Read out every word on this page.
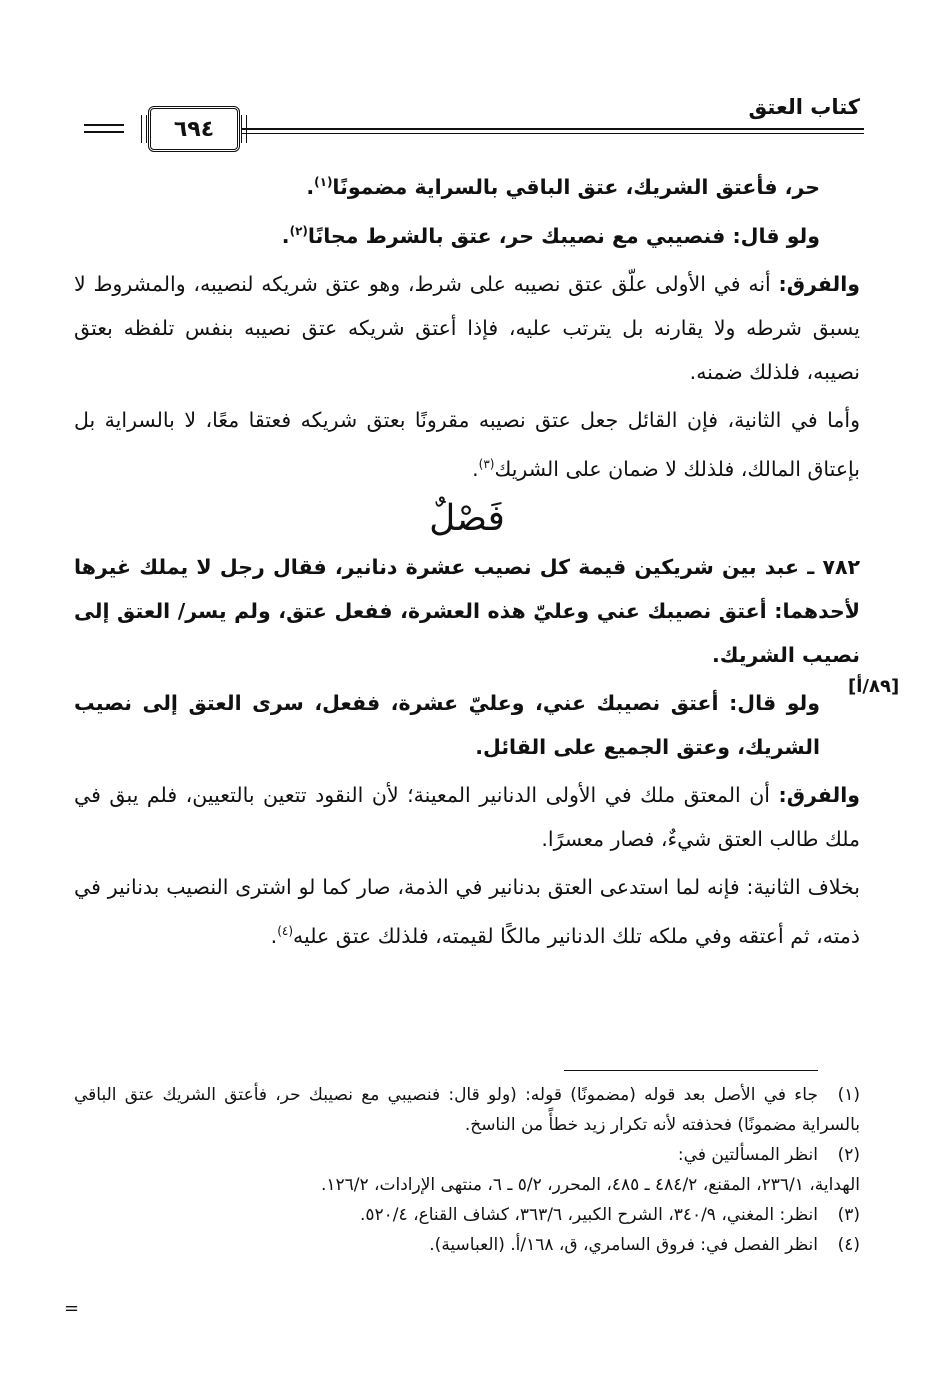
كتاب العتق
٦٩٤

حر، فأعتق الشريك، عتق الباقي بالسراية مضمونًا$^{(١)}$.

ولو قال: فنصيبي مع نصيبك حر، عتق بالشرط مجانًا$^{(٢)}$.

والفرق: أنه في الأولى علّق عتق نصيبه على شرط، وهو عتق شريكه لنصيبه، والمشروط لا يسبق شرطه ولا يقارنه بل يترتب عليه، فإذا أعتق شريكه عتق نصيبه بنفس تلفظه بعتق نصيبه، فلذلك ضمنه.

وأما في الثانية، فإن القائل جعل عتق نصيبه مقرونًا بعتق شريكه فعتقا معًا، لا بالسراية بل بإعتاق المالك، فلذلك لا ضمان على الشريك$^{(٣)}$.

فَصْلٌ

٧٨٢ ـ عبد بين شريكين قيمة كل نصيب عشرة دنانير، فقال رجل لا يملك غيرها لأحدهما: أعتق نصيبك عني وعليّ هذه العشرة، ففعل عتق، ولم يسر/ العتق إلى نصيب الشريك.

ولو قال: أعتق نصيبك عني، وعليّ عشرة، ففعل، سرى العتق إلى نصيب الشريك، وعتق الجميع على القائل.

والفرق: أن المعتق ملك في الأولى الدنانير المعينة؛ لأن النقود تتعين بالتعيين، فلم يبق في ملك طالب العتق شيءٌ، فصار معسرًا.

بخلاف الثانية: فإنه لما استدعى العتق بدنانير في الذمة، صار كما لو اشترى النصيب بدنانير في ذمته، ثم أعتقه وفي ملكه تلك الدنانير مالكًا لقيمته، فلذلك عتق عليه$^{(٤)}$.

[٨٩/أ]

(١)جاء في الأصل بعد قوله (مضمونًا) قوله: (ولو قال: فنصيبي مع نصيبك حر، فأعتق الشريك عتق الباقي بالسراية مضمونًا) فحذفته لأنه تكرار زيد خطأً من الناسخ.

(٢)انظر المسألتين في:

الهداية، ٢٣٦/١، المقنع، ٤٨٤/٢ ـ ٤٨٥، المحرر، ٥/٢ ـ ٦، منتهى الإرادات، ١٢٦/٢.

(٣)انظر: المغني، ٣٤٠/٩، الشرح الكبير، ٣٦٣/٦، كشاف القناع، ٥٢٠/٤.

(٤)انظر الفصل في: فروق السامري، ق، ١٦٨/أ. (العباسية).

=
